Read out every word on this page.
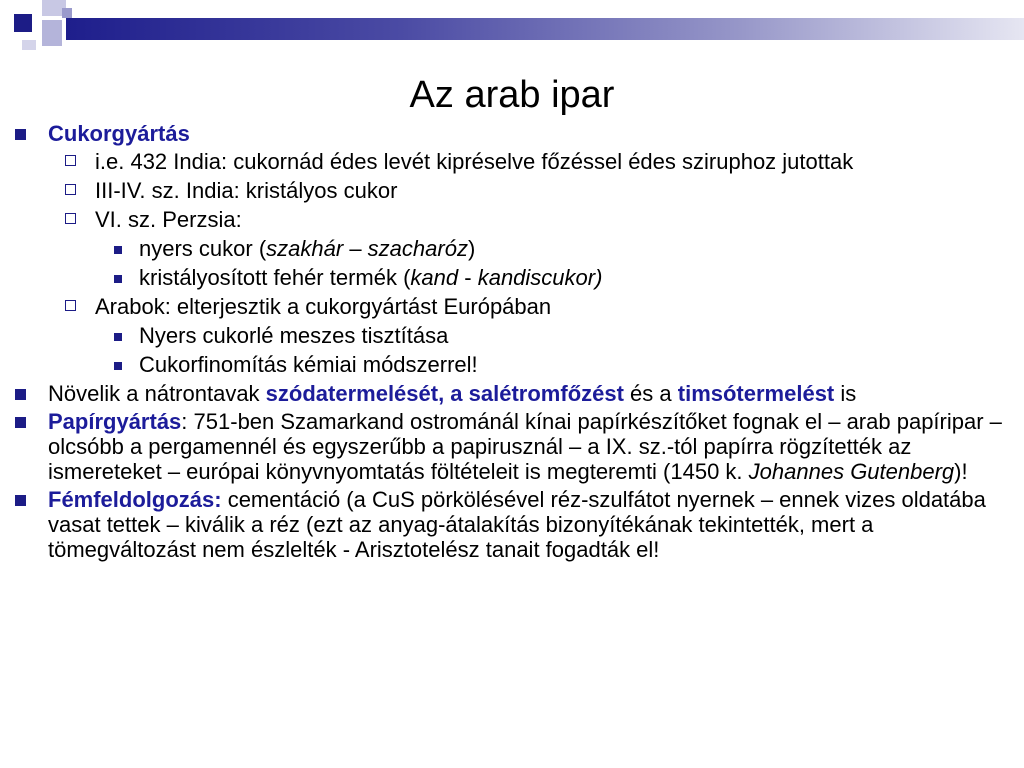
Az arab ipar
Cukorgyártás
i.e. 432 India: cukornád édes levét kipréselve főzéssel édes sziruphoz jutottak
III-IV. sz. India: kristályos cukor
VI. sz. Perzsia:
nyers cukor (szakhár – szacharóz)
kristályosított fehér termék (kand - kandiscukor)
Arabok: elterjesztik a cukorgyártást Európában
Nyers cukorlé meszes tisztítása
Cukorfinomítás kémiai módszerrel!
Növelik a nátrontavak szódatermelését, a salétromfőzést és a timsótermelést is
Papírgyártás: 751-ben Szamarkand ostrománál kínai papírkészítőket fognak el – arab papíripar – olcsóbb a pergamennél és egyszerűbb a papirusznál – a IX. sz.-tól papírra rögzítették az ismereteket – európai könyvnyomtatás föltételeit is megteremti (1450 k. Johannes Gutenberg)!
Fémfeldolgozás: cementáció (a CuS pörkölésével réz-szulfátot nyernek – ennek vizes oldatába vasat tettek – kiválik a réz (ezt az anyag-átalakítás bizonyítékának tekintették, mert a tömegváltozást nem észlelték - Arisztotelész tanait fogadták el!
